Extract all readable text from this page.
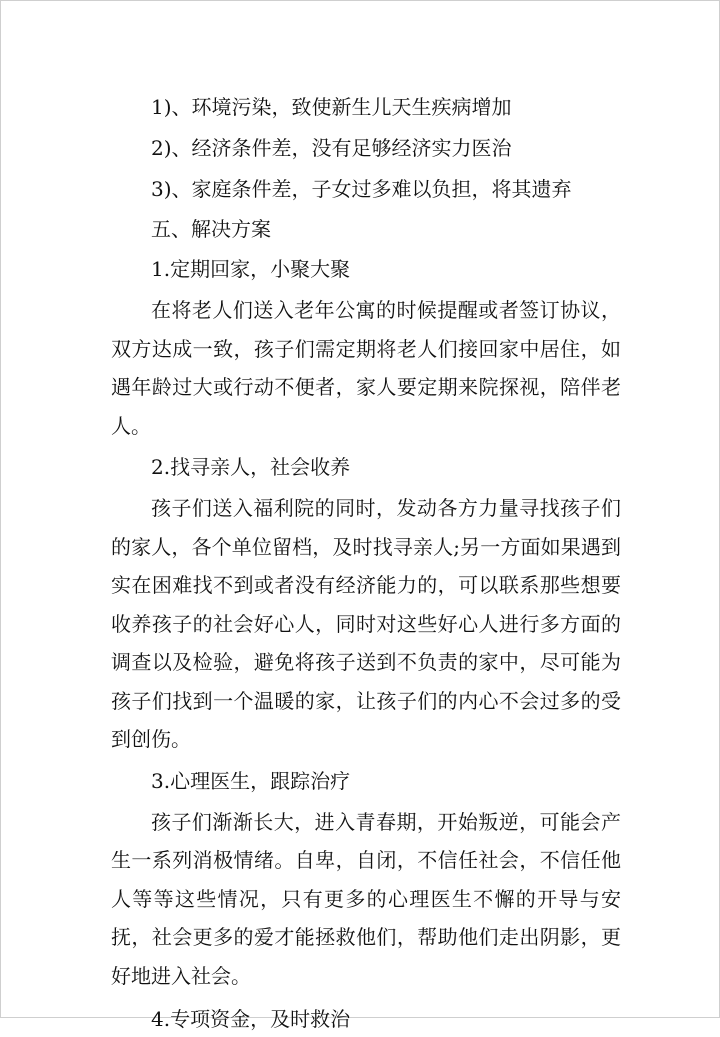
1)、环境污染，致使新生儿天生疾病增加

2)、经济条件差，没有足够经济实力医治

3)、家庭条件差，子女过多难以负担，将其遗弃

五、解决方案

1.定期回家，小聚大聚

在将老人们送入老年公寓的时候提醒或者签订协议，双方达成一致，孩子们需定期将老人们接回家中居住，如遇年龄过大或行动不便者，家人要定期来院探视，陪伴老人。

2.找寻亲人，社会收养

孩子们送入福利院的同时，发动各方力量寻找孩子们的家人，各个单位留档，及时找寻亲人;另一方面如果遇到实在困难找不到或者没有经济能力的，可以联系那些想要收养孩子的社会好心人，同时对这些好心人进行多方面的调查以及检验，避免将孩子送到不负责的家中，尽可能为孩子们找到一个温暖的家，让孩子们的内心不会过多的受到创伤。

3.心理医生，跟踪治疗

孩子们渐渐长大，进入青春期，开始叛逆，可能会产生一系列消极情绪。自卑，自闭，不信任社会，不信任他人等等这些情况，只有更多的心理医生不懈的开导与安抚，社会更多的爱才能拯救他们，帮助他们走出阴影，更好地进入社会。

4.专项资金，及时救治
